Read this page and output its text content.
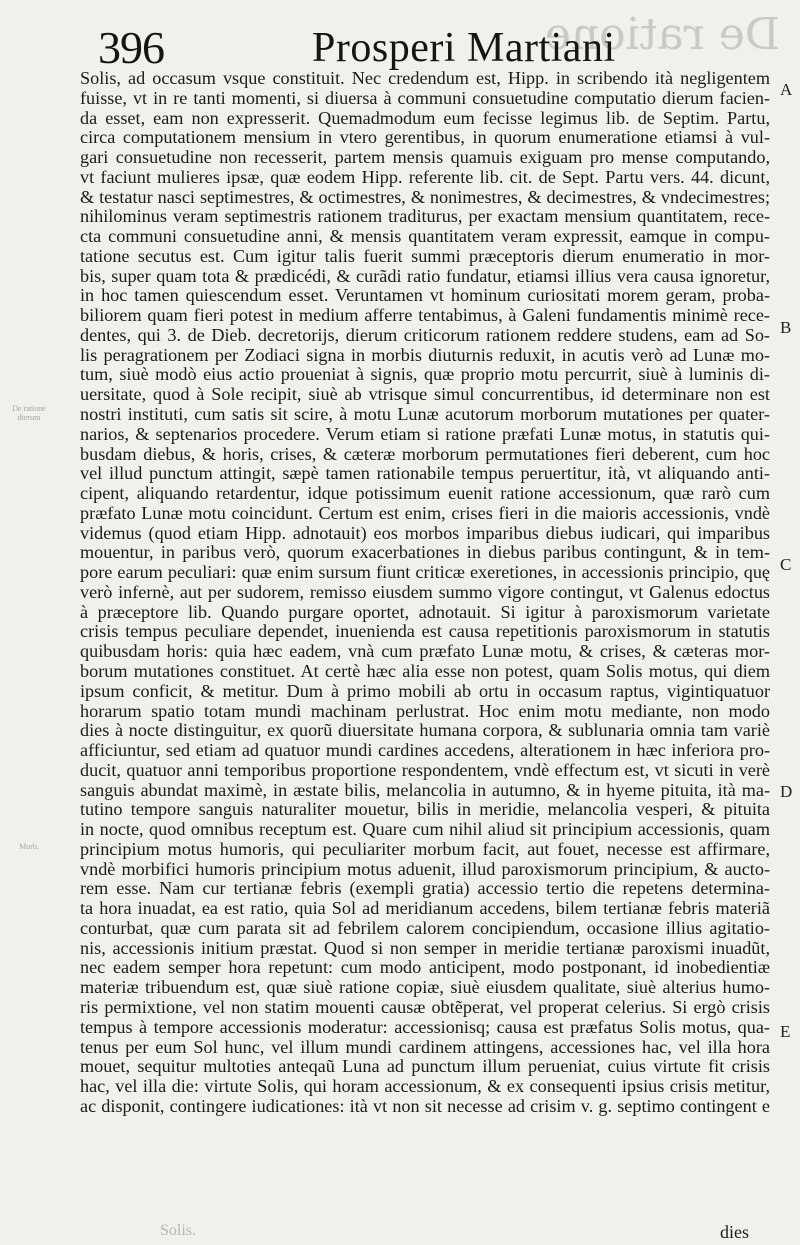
De ratione
396	Prosperi Martiani
De ratione dierum
Morb.
Solis, ad occasum vsque constituit. Nec credendum est, Hipp. in scribendo ità negligentem
fuisse, vt in re tanti momenti, si diuersa à communi consuetudine computatio dierum facien-
da esset, eam non expresserit. Quemadmodum eum fecisse legimus lib. de Septim. Partu,
circa computationem mensium in vtero gerentibus, in quorum enumeratione etiamsi à vul-
gari consuetudine non recesserit, partem mensis quamuis exiguam pro mense computando,
vt faciunt mulieres ipsæ, quæ eodem Hipp. referente lib. cit. de Sept. Partu vers. 44. dicunt,
& testatur nasci septimestres, & octimestres, & nonimestres, & decimestres, & vndecimestres;
nihilominus veram septimestris rationem traditurus, per exactam mensium quantitatem, rece-
cta communi consuetudine anni, & mensis quantitatem veram expressit, eamque in compu-
tatione secutus est. Cum igitur talis fuerit summi præceptoris dierum enumeratio in mor-
bis, super quam tota & prædicédi, & curãdi ratio fundatur, etiamsi illius vera causa ignoretur,
in hoc tamen quiescendum esset. Veruntamen vt hominum curiositati morem geram, proba-
biliorem quam fieri potest in medium afferre tentabimus, à Galeni fundamentis minimè rece-
dentes, qui 3. de Dieb. decretorijs, dierum criticorum rationem reddere studens, eam ad So-
lis peragrationem per Zodiaci signa in morbis diuturnis reduxit, in acutis verò ad Lunæ mo-
tum, siuè modò eius actio proueniat à signis, quæ proprio motu percurrit, siuè à luminis di-
uersitate, quod à Sole recipit, siuè ab vtrisque simul concurrentibus, id determinare non est
nostri instituti, cum satis sit scire, à motu Lunæ acutorum morborum mutationes per quater-
narios, & septenarios procedere. Verum etiam si ratione præfati Lunæ motus, in statutis qui-
busdam diebus, & horis, crises, & cæteræ morborum permutationes fieri deberent, cum hoc
vel illud punctum attingit, sæpè tamen rationabile tempus peruertitur, ità, vt aliquando anti-
cipent, aliquando retardentur, idque potissimum euenit ratione accessionum, quæ rarò cum
præfato Lunæ motu coincidunt. Certum est enim, crises fieri in die maioris accessionis, vndè
videmus (quod etiam Hipp. adnotauit) eos morbos imparibus diebus iudicari, qui imparibus
mouentur, in paribus verò, quorum exacerbationes in diebus paribus contingunt, & in tem-
pore earum peculiari: quæ enim sursum fiunt criticæ exeretiones, in accessionis principio, quę
verò infernè, aut per sudorem, remisso eiusdem summo vigore contingut, vt Galenus edoctus
à præceptore lib. Quando purgare oportet, adnotauit. Si igitur à paroxismorum varietate
crisis tempus peculiare dependet, inuenienda est causa repetitionis paroxismorum in statutis
quibusdam horis: quia hæc eadem, vnà cum præfato Lunæ motu, & crises, & cæteras mor-
borum mutationes constituet. At certè hæc alia esse non potest, quam Solis motus, qui diem
ipsum conficit, & metitur. Dum à primo mobili ab ortu in occasum raptus, vigintiquatuor
horarum spatio totam mundi machinam perlustrat. Hoc enim motu mediante, non modo
dies à nocte distinguitur, ex quorũ diuersitate humana corpora, & sublunaria omnia tam variè
afficiuntur, sed etiam ad quatuor mundi cardines accedens, alterationem in hæc inferiora pro-
ducit, quatuor anni temporibus proportione respondentem, vndè effectum est, vt sicuti in verè
sanguis abundat maximè, in æstate bilis, melancolia in autumno, & in hyeme pituita, ità ma-
tutino tempore sanguis naturaliter mouetur, bilis in meridie, melancolia vesperi, & pituita
in nocte, quod omnibus receptum est. Quare cum nihil aliud sit principium accessionis, quam
principium motus humoris, qui peculiariter morbum facit, aut fouet, necesse est affirmare,
vndè morbifici humoris principium motus aduenit, illud paroxismorum principium, & aucto-
rem esse. Nam cur tertianæ febris (exempli gratia) accessio tertio die repetens determina-
ta hora inuadat, ea est ratio, quia Sol ad meridianum accedens, bilem tertianæ febris materiã
conturbat, quæ cum parata sit ad febrilem calorem concipiendum, occasione illius agitatio-
nis, accessionis initium præstat. Quod si non semper in meridie tertianæ paroxismi inuadũt,
nec eadem semper hora repetunt: cum modo anticipent, modo postponant, id inobedientiæ
materiæ tribuendum est, quæ siuè ratione copiæ, siuè eiusdem qualitate, siuè alterius humo-
ris permixtione, vel non statim mouenti causæ obtẽperat, vel properat celerius. Si ergò crisis
tempus à tempore accessionis moderatur: accessionisq; causa est præfatus Solis motus, qua-
tenus per eum Sol hunc, vel illum mundi cardinem attingens, accessiones hac, vel illa hora
mouet, sequitur multoties anteqaũ Luna ad punctum illum perueniat, cuius virtute fit crisis
hac, vel illa die: virtute Solis, qui horam accessionum, & ex consequenti ipsius crisis metitur,
ac disponit, contingere iudicationes: ità vt non sit necesse ad crisim v. g. septimo contingent e
A
B
C
D
E
Solis.	dies
